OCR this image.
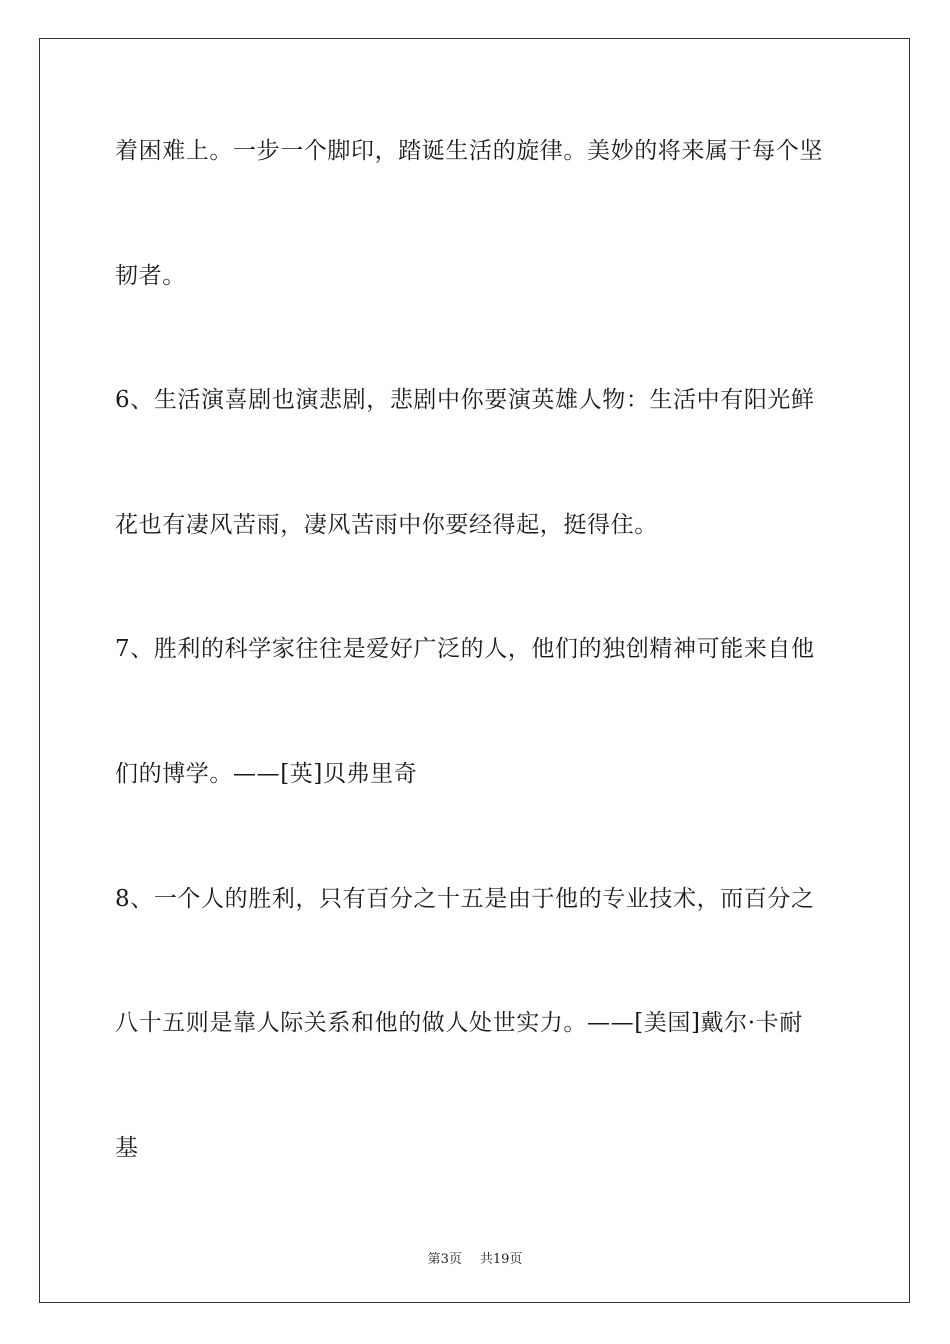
着困难上。一步一个脚印，踏诞生活的旋律。美妙的将来属于每个坚
韧者。
6、生活演喜剧也演悲剧，悲剧中你要演英雄人物：生活中有阳光鲜
花也有凄风苦雨，凄风苦雨中你要经得起，挺得住。
7、胜利的科学家往往是爱好广泛的人，他们的独创精神可能来自他
们的博学。——[英]贝弗里奇
8、一个人的胜利，只有百分之十五是由于他的专业技术，而百分之
八十五则是靠人际关系和他的做人处世实力。——[美国]戴尔·卡耐
基
第3页 共19页
